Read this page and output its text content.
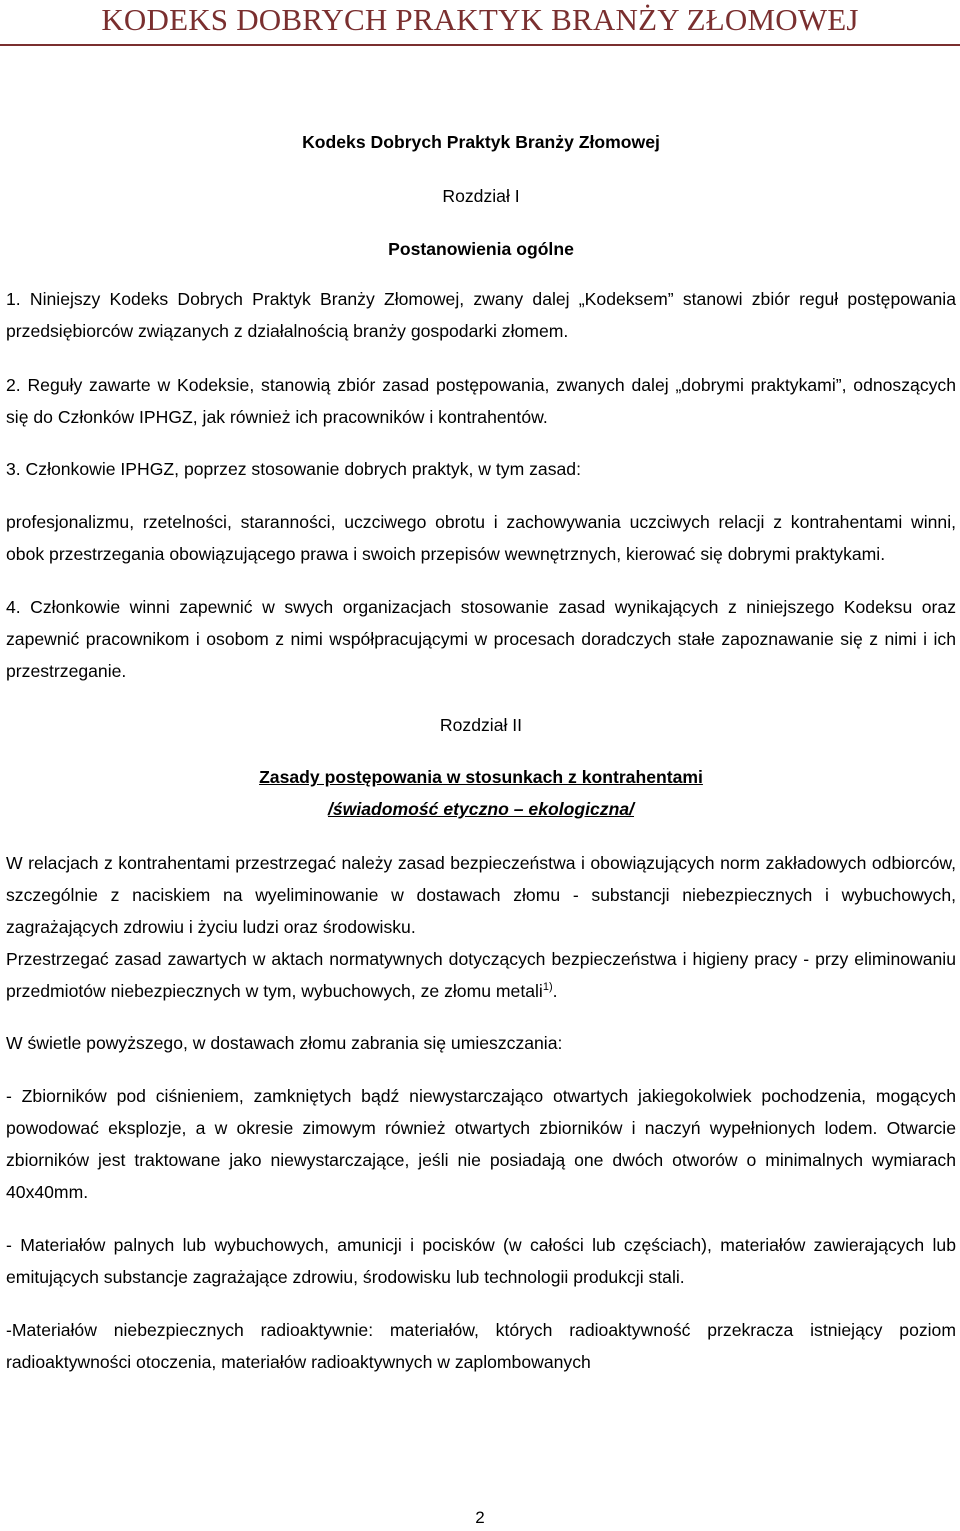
KODEKS DOBRYCH PRAKTYK BRANŻY ZŁOMOWEJ
Kodeks Dobrych Praktyk Branży Złomowej
Rozdział I
Postanowienia ogólne

1. Niniejszy Kodeks Dobrych Praktyk Branży Złomowej, zwany dalej „Kodeksem” stanowi zbiór reguł postępowania przedsiębiorców związanych z działalnością branży gospodarki złomem.

2. Reguły zawarte w Kodeksie, stanowią zbiór zasad postępowania, zwanych dalej „dobrymi praktykami”, odnoszących się do Członków IPHGZ, jak również ich pracowników i kontrahentów.

3. Członkowie IPHGZ, poprzez stosowanie dobrych praktyk, w tym zasad:

profesjonalizmu, rzetelności, staranności, uczciwego obrotu i zachowywania uczciwych relacji z kontrahentami winni, obok przestrzegania obowiązującego prawa i swoich przepisów wewnętrznych, kierować się dobrymi praktykami.

4. Członkowie winni zapewnić w swych organizacjach stosowanie zasad wynikających z niniejszego Kodeksu oraz zapewnić pracownikom i osobom z nimi współpracującymi w procesach doradczych stałe zapoznawanie się z nimi i ich przestrzeganie.

Rozdział II
Zasady postępowania w stosunkach z kontrahentami
/świadomość etyczno – ekologiczna/

W relacjach z kontrahentami przestrzegać należy zasad bezpieczeństwa i obowiązujących norm zakładowych odbiorców, szczególnie z naciskiem na wyeliminowanie w dostawach złomu - substancji niebezpiecznych i wybuchowych, zagrażających zdrowiu i życiu ludzi oraz środowisku.

Przestrzegać zasad zawartych w aktach normatywnych dotyczących bezpieczeństwa i higieny pracy - przy eliminowaniu przedmiotów niebezpiecznych w tym, wybuchowych, ze złomu metali$^{1)}$.

W świetle powyższego, w dostawach złomu zabrania się umieszczania:

- Zbiorników pod ciśnieniem, zamkniętych bądź niewystarczająco otwartych jakiegokolwiek pochodzenia, mogących powodować eksplozje, a w okresie zimowym również otwartych zbiorników i naczyń wypełnionych lodem. Otwarcie zbiorników jest traktowane jako niewystarczające, jeśli nie posiadają one dwóch otworów o minimalnych wymiarach 40x40mm.

- Materiałów palnych lub wybuchowych, amunicji i pocisków (w całości lub częściach), materiałów zawierających lub emitujących substancje zagrażające zdrowiu, środowisku lub technologii produkcji stali.

-Materiałów niebezpiecznych radioaktywnie: materiałów, których radioaktywność przekracza istniejący poziom radioaktywności otoczenia, materiałów radioaktywnych w zaplombowanych

2
